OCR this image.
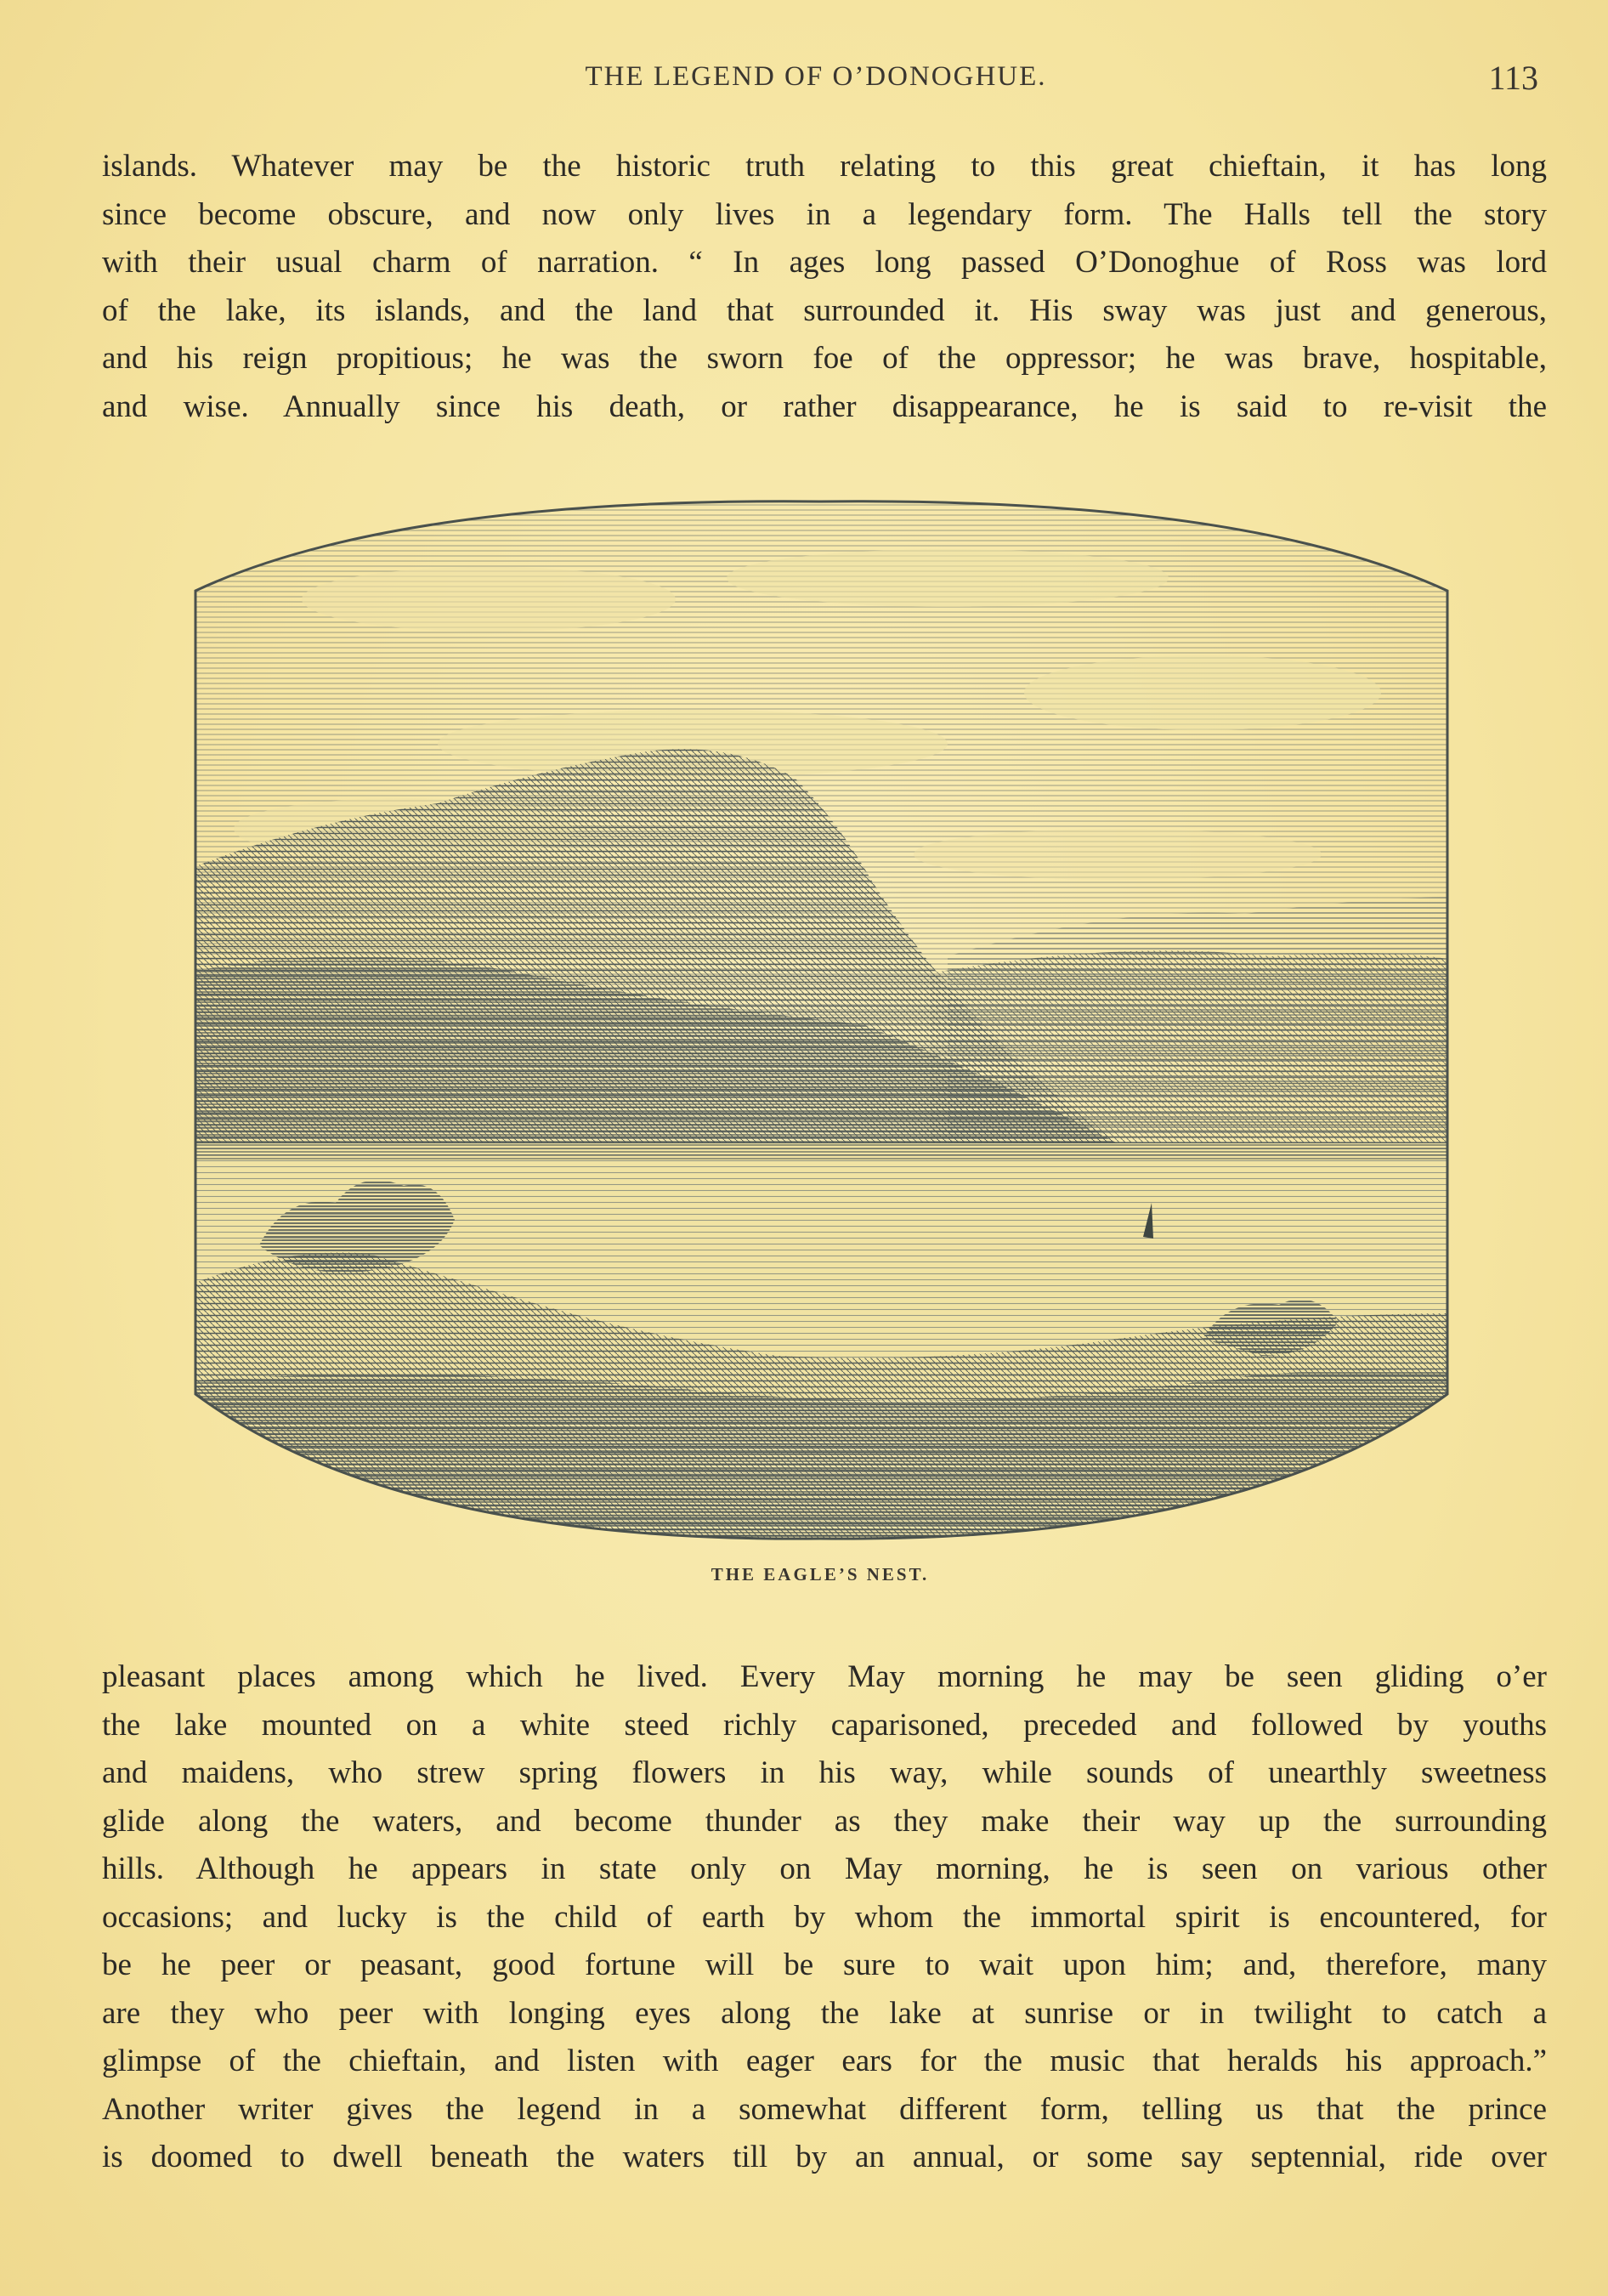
THE LEGEND OF O’DONOGHUE.	113
islands. Whatever may be the historic truth relating to this great chieftain, it has long
since become obscure, and now only lives in a legendary form. The Halls tell the story
with their usual charm of narration. “ In ages long passed O’Donoghue of Ross was lord
of the lake, its islands, and the land that surrounded it. His sway was just and generous,
and his reign propitious; he was the sworn foe of the oppressor; he was brave, hospitable,
and wise. Annually since his death, or rather disappearance, he is said to re-visit the
THE EAGLE’S NEST.
pleasant places among which he lived. Every May morning he may be seen gliding o’er
the lake mounted on a white steed richly caparisoned, preceded and followed by youths
and maidens, who strew spring flowers in his way, while sounds of unearthly sweetness
glide along the waters, and become thunder as they make their way up the surrounding
hills. Although he appears in state only on May morning, he is seen on various other
occasions; and lucky is the child of earth by whom the immortal spirit is encountered, for
be he peer or peasant, good fortune will be sure to wait upon him; and, therefore, many
are they who peer with longing eyes along the lake at sunrise or in twilight to catch a
glimpse of the chieftain, and listen with eager ears for the music that heralds his approach.”
Another writer gives the legend in a somewhat different form, telling us that the prince
is doomed to dwell beneath the waters till by an annual, or some say septennial, ride over
